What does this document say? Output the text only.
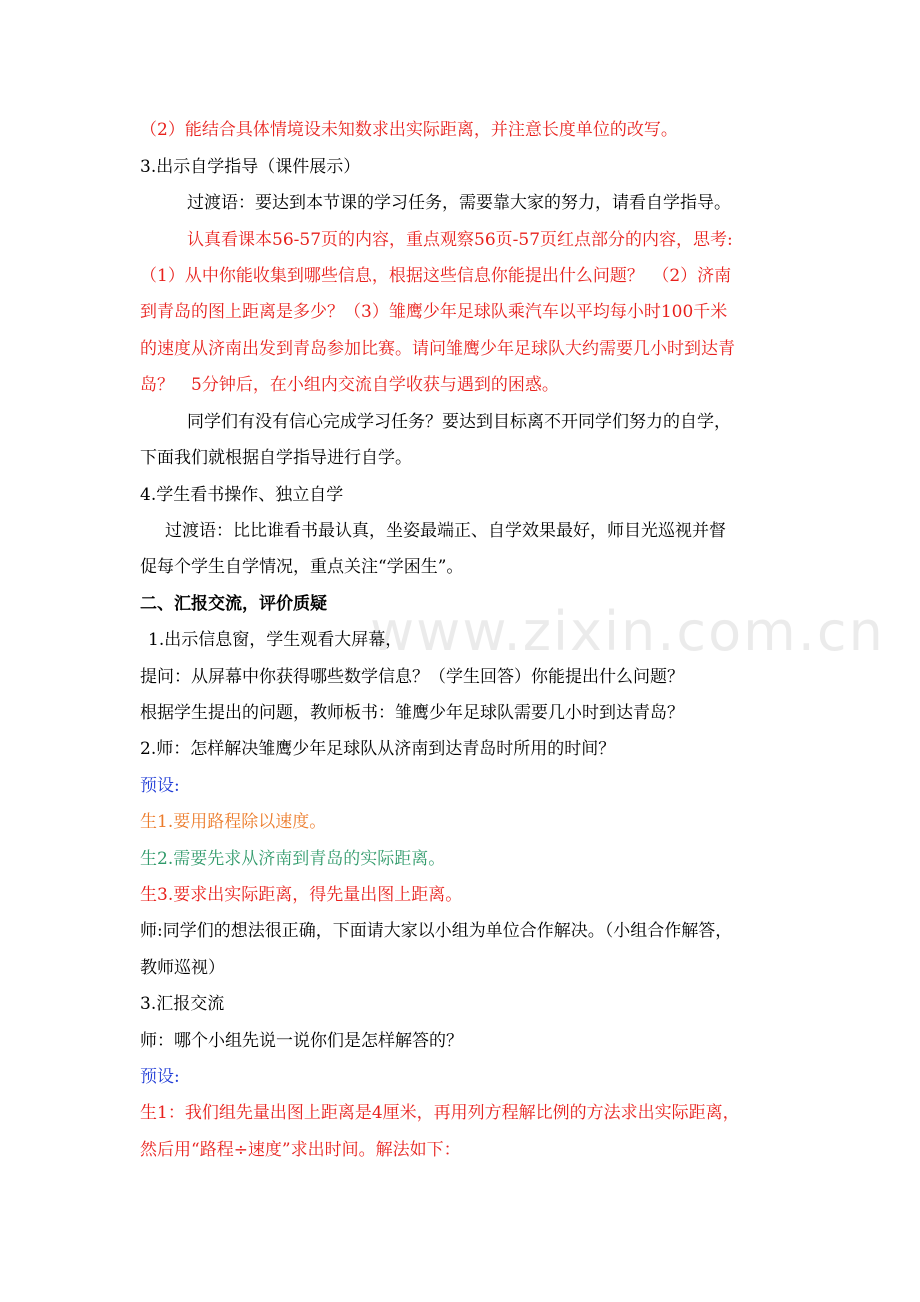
www.zixin.com.cn
（2）能结合具体情境设未知数求出实际距离，并注意长度单位的改写。
3.出示自学指导（课件展示）
过渡语：要达到本节课的学习任务，需要靠大家的努力，请看自学指导。
认真看课本56-57页的内容，重点观察56页-57页红点部分的内容，思考:
（1）从中你能收集到哪些信息，根据这些信息你能提出什么问题？　（2）济南
到青岛的图上距离是多少？（3）雏鹰少年足球队乘汽车以平均每小时100千米
的速度从济南出发到青岛参加比赛。请问雏鹰少年足球队大约需要几小时到达青
岛？　5分钟后，在小组内交流自学收获与遇到的困惑。
同学们有没有信心完成学习任务？要达到目标离不开同学们努力的自学，
下面我们就根据自学指导进行自学。
4.学生看书操作、独立自学
过渡语：比比谁看书最认真，坐姿最端正、自学效果最好，师目光巡视并督
促每个学生自学情况，重点关注“学困生”。
二、汇报交流，评价质疑
1.出示信息窗，学生观看大屏幕，
提问：从屏幕中你获得哪些数学信息？（学生回答）你能提出什么问题？
根据学生提出的问题，教师板书：雏鹰少年足球队需要几小时到达青岛？
2.师：怎样解决雏鹰少年足球队从济南到达青岛时所用的时间？
预设:
生1.要用路程除以速度。
生2.需要先求从济南到青岛的实际距离。
生3.要求出实际距离，得先量出图上距离。
师:同学们的想法很正确，下面请大家以小组为单位合作解决。（小组合作解答，
教师巡视）
3.汇报交流
师：哪个小组先说一说你们是怎样解答的？
预设:
生1：我们组先量出图上距离是4厘米，再用列方程解比例的方法求出实际距离，
然后用“路程÷速度”求出时间。解法如下：
